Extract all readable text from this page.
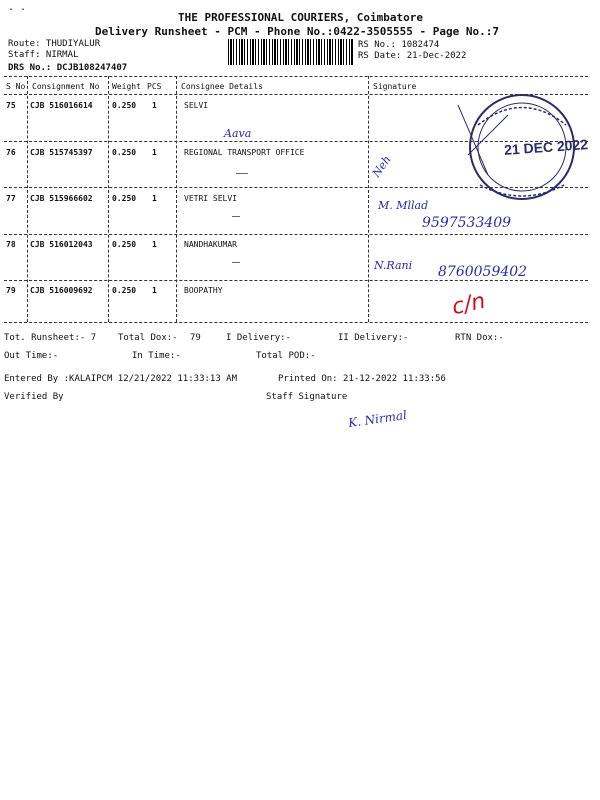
. .
THE PROFESSIONAL COURIERS, Coimbatore
Delivery Runsheet - PCM - Phone No.:0422-3505555 - Page No.:7
Route: THUDIYALUR
Staff: NIRMAL
DRS No.: DCJB108247407
RS No.: 1082474
RS Date: 21-Dec-2022
S No Consignment No Weight PCS Consignee Details	Signature
75 CJB 516016614 0.250 1	SELVI
Aava
76 CJB 515745397 0.250 1	REGIONAL TRANSPORT OFFICE
Neh
77 CJB 515966602 0.250 1	VETRI SELVI
M. Mllad
9597533409
78 CJB 516012043 0.250 1	NANDHAKUMAR
N.Rani 8760059402
79 CJB 516009692 0.250 1	BOOPATHY	c/n
21 DEC 2022
Tot. Runsheet:- 7 Total Dox:- 79	I Delivery:-	II Delivery:-	RTN Dox:-
Out Time:-	In Time:-	Total POD:-
Entered By :KALAIPCM 12/21/2022 11:33:13 AM	Printed On: 21-12-2022 11:33:56
Verified By	Staff Signature
K. Nirmal
